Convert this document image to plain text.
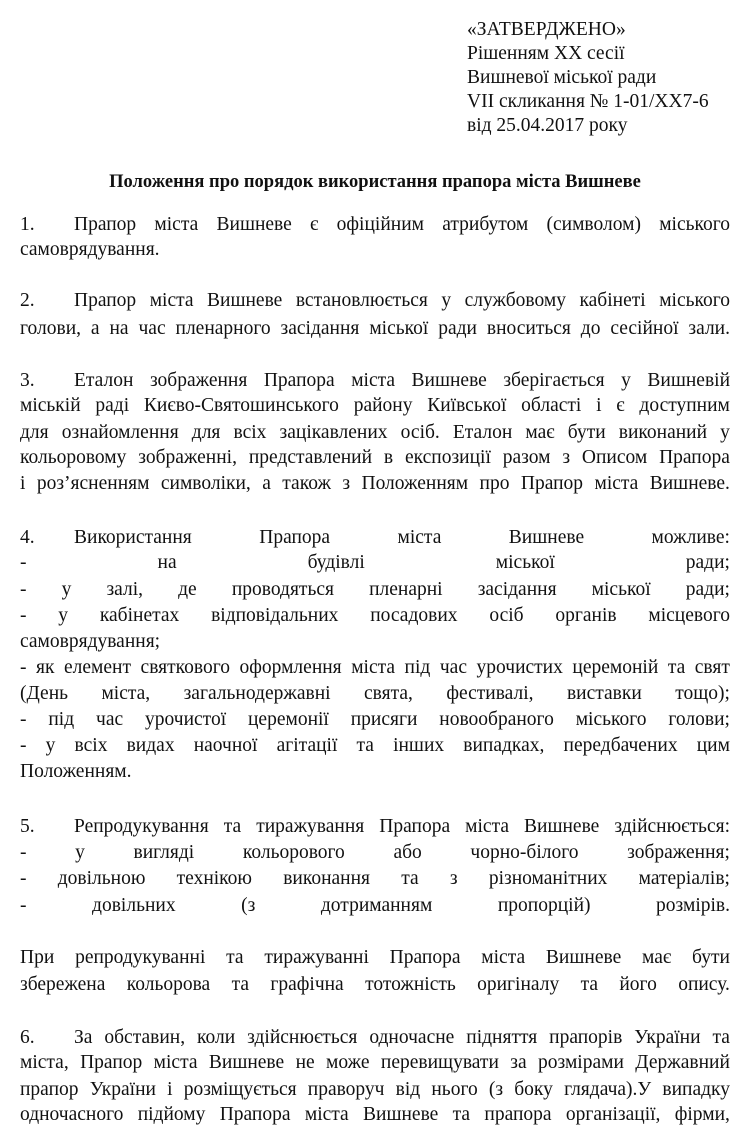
«ЗАТВЕРДЖЕНО»
Рішенням ХХ сесії
Вишневої міської ради
VII скликання № 1-01/ХХ7-6
від 25.04.2017 року
Положення про порядок використання прапора міста Вишневе
1.	Прапор міста Вишневе є офіційним атрибутом (символом) міського
самоврядування.
2.	Прапор міста Вишневе встановлюється у службовому кабінеті міського
голови, а на час пленарного засідання міської ради вноситься до сесійної зали.
3.	Еталон зображення Прапора міста Вишневе зберігається у Вишневій
міській раді Києво-Святошинського району Київської області і є доступним
для ознайомлення для всіх зацікавлених осіб. Еталон має бути виконаний у
кольоровому зображенні, представлений в експозиції разом з Описом Прапора
і роз’ясненням символіки, а також з Положенням про Прапор міста Вишневе.
4.	Використання	Прапора	міста	Вишневе	можливе:
-	на	будівлі	міської	ради;
- у залі, де проводяться пленарні засідання міської ради;
- у кабінетах відповідальних посадових осіб органів місцевого
самоврядування;
- як елемент святкового оформлення міста під час урочистих церемоній та свят
(День міста, загальнодержавні свята, фестивалі, виставки тощо);
- під час урочистої церемонії присяги новообраного міського голови;
- у всіх видах наочної агітації та інших випадках, передбачених цим
Положенням.
5.	Репродукування та тиражування Прапора міста Вишневе здійснюється:
- у вигляді кольорового або чорно-білого зображення;
- довільною технікою виконання та з різноманітних матеріалів;
-	довільних	(з	дотриманням	пропорцій)	розмірів.
При репродукуванні та тиражуванні Прапора міста Вишневе має бути
збережена кольорова та графічна тотожність оригіналу та його опису.
6.	За обставин, коли здійснюється одночасне підняття прапорів України та
міста, Прапор міста Вишневе не може перевищувати за розмірами Державний
прапор України і розміщується праворуч від нього (з боку глядача).У випадку
одночасного підйому Прапора міста Вишневе та прапора організації, фірми,
